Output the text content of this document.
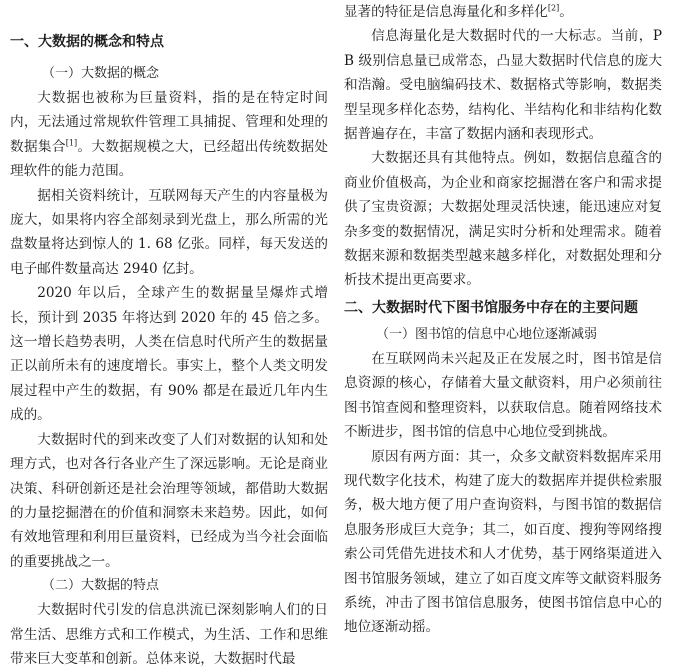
一、大数据的概念和特点
（一）大数据的概念

大数据也被称为巨量资料，指的是在特定时间内，无法通过常规软件管理工具捕捉、管理和处理的数据集合[1]。大数据规模之大，已经超出传统数据处理软件的能力范围。

据相关资料统计，互联网每天产生的内容量极为庞大，如果将内容全部刻录到光盘上，那么所需的光盘数量将达到惊人的 1. 68 亿张。同样，每天发送的电子邮件数量高达 2940 亿封。

2020 年以后，全球产生的数据量呈爆炸式增长，预计到 2035 年将达到 2020 年的 45 倍之多。这一增长趋势表明，人类在信息时代所产生的数据量正以前所未有的速度增长。事实上，整个人类文明发展过程中产生的数据，有 90% 都是在最近几年内生成的。

大数据时代的到来改变了人们对数据的认知和处理方式，也对各行各业产生了深远影响。无论是商业决策、科研创新还是社会治理等领域，都借助大数据的力量挖掘潜在的价值和洞察未来趋势。因此，如何有效地管理和利用巨量资料，已经成为当今社会面临的重要挑战之一。

（二）大数据的特点

大数据时代引发的信息洪流已深刻影响人们的日常生活、思维方式和工作模式，为生活、工作和思维带来巨大变革和创新。总体来说，大数据时代最

显著的特征是信息海量化和多样化[2]。

信息海量化是大数据时代的一大标志。当前，PB 级别信息量已成常态，凸显大数据时代信息的庞大和浩瀚。受电脑编码技术、数据格式等影响，数据类型呈现多样化态势，结构化、半结构化和非结构化数据普遍存在，丰富了数据内涵和表现形式。

大数据还具有其他特点。例如，数据信息蕴含的商业价值极高，为企业和商家挖掘潜在客户和需求提供了宝贵资源；大数据处理灵活快速，能迅速应对复杂多变的数据情况，满足实时分析和处理需求。随着数据来源和数据类型越来越多样化，对数据处理和分析技术提出更高要求。

二、大数据时代下图书馆服务中存在的主要问题
（一）图书馆的信息中心地位逐渐减弱

在互联网尚未兴起及正在发展之时，图书馆是信息资源的核心，存储着大量文献资料，用户必须前往图书馆查阅和整理资料，以获取信息。随着网络技术不断进步，图书馆的信息中心地位受到挑战。

原因有两方面：其一，众多文献资料数据库采用现代数字化技术，构建了庞大的数据库并提供检索服务，极大地方便了用户查询资料，与图书馆的数据信息服务形成巨大竞争；其二，如百度、搜狗等网络搜索公司凭借先进技术和人才优势，基于网络渠道进入图书馆服务领域，建立了如百度文库等文献资料服务系统，冲击了图书馆信息服务，使图书馆信息中心的地位逐渐动摇。
